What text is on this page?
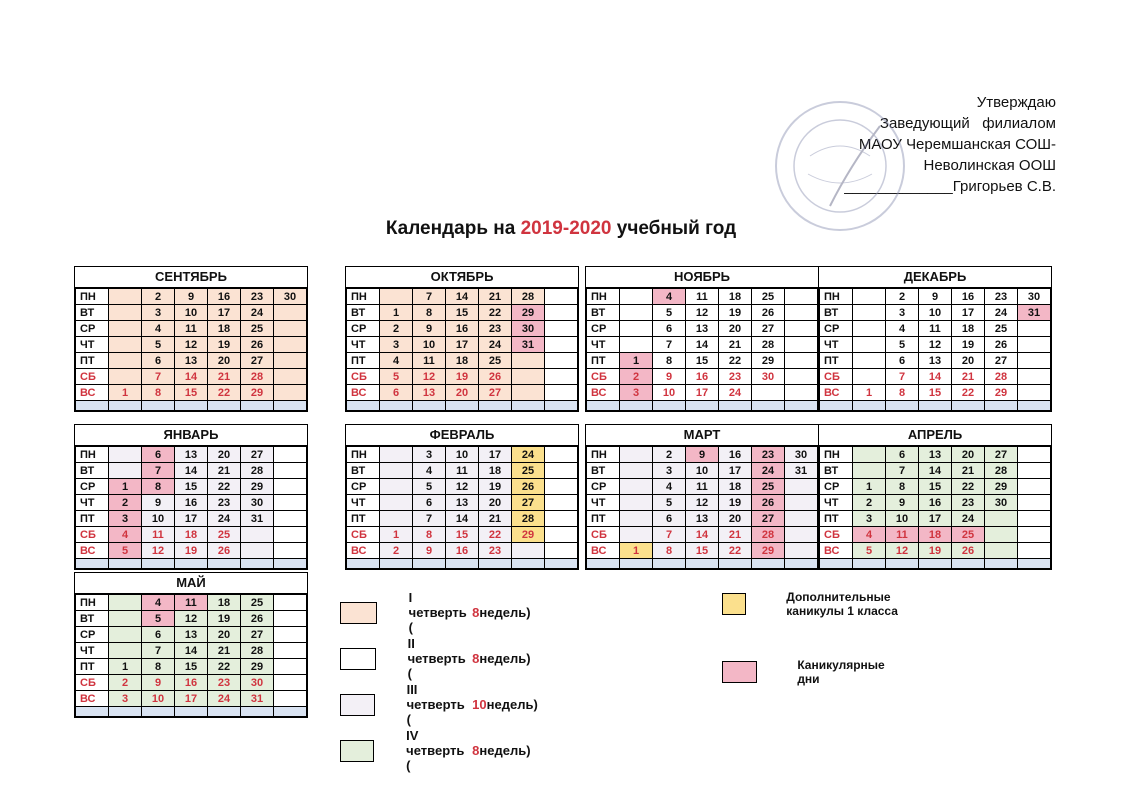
Утверждаю
Заведующий   филиалом
МАОУ Черемшанская СОШ-
Неволинская ООШ
_____________Григорьев С.В.
Календарь на 2019-2020 учебный год
СЕНТЯБРЬ
ПН		2	9	16	23	30
ВТ		3	10	17	24	
СР		4	11	18	25	
ЧТ		5	12	19	26	
ПТ		6	13	20	27	
СБ		7	14	21	28	
ВС	1	8	15	22	29	

ОКТЯБРЬ
ПН		7	14	21	28	
ВТ	1	8	15	22	29	
СР	2	9	16	23	30	
ЧТ	3	10	17	24	31	
ПТ	4	11	18	25		
СБ	5	12	19	26		
ВС	6	13	20	27		

НОЯБРЬ
ПН		4	11	18	25	
ВТ		5	12	19	26	
СР		6	13	20	27	
ЧТ		7	14	21	28	
ПТ	1	8	15	22	29	
СБ	2	9	16	23	30	
ВС	3	10	17	24		

ДЕКАБРЬ
ПН		2	9	16	23	30
ВТ		3	10	17	24	31
СР		4	11	18	25	
ЧТ		5	12	19	26	
ПТ		6	13	20	27	
СБ		7	14	21	28	
ВС	1	8	15	22	29	

ЯНВАРЬ
ПН		6	13	20	27	
ВТ		7	14	21	28	
СР	1	8	15	22	29	
ЧТ	2	9	16	23	30	
ПТ	3	10	17	24	31	
СБ	4	11	18	25		
ВС	5	12	19	26		

ФЕВРАЛЬ
ПН		3	10	17	24	
ВТ		4	11	18	25	
СР		5	12	19	26	
ЧТ		6	13	20	27	
ПТ		7	14	21	28	
СБ	1	8	15	22	29	
ВС	2	9	16	23		

МАРТ
ПН		2	9	16	23	30
ВТ		3	10	17	24	31
СР		4	11	18	25	
ЧТ		5	12	19	26	
ПТ		6	13	20	27	
СБ		7	14	21	28	
ВС	1	8	15	22	29	

АПРЕЛЬ
ПН		6	13	20	27	
ВТ		7	14	21	28	
СР	1	8	15	22	29	
ЧТ	2	9	16	23	30	
ПТ	3	10	17	24		
СБ	4	11	18	25		
ВС	5	12	19	26		

МАЙ
ПН		4	11	18	25	
ВТ		5	12	19	26	
СР		6	13	20	27	
ЧТ		7	14	21	28	
ПТ	1	8	15	22	29	
СБ	2	9	16	23	30	
ВС	3	10	17	24	31	

I четверть (
8 недель)
II четверть (
8 недель)
III четверть (
10 недель)
IV четверть (
8 недель)
Дополнительные каникулы 1 класса
Каникулярные дни
